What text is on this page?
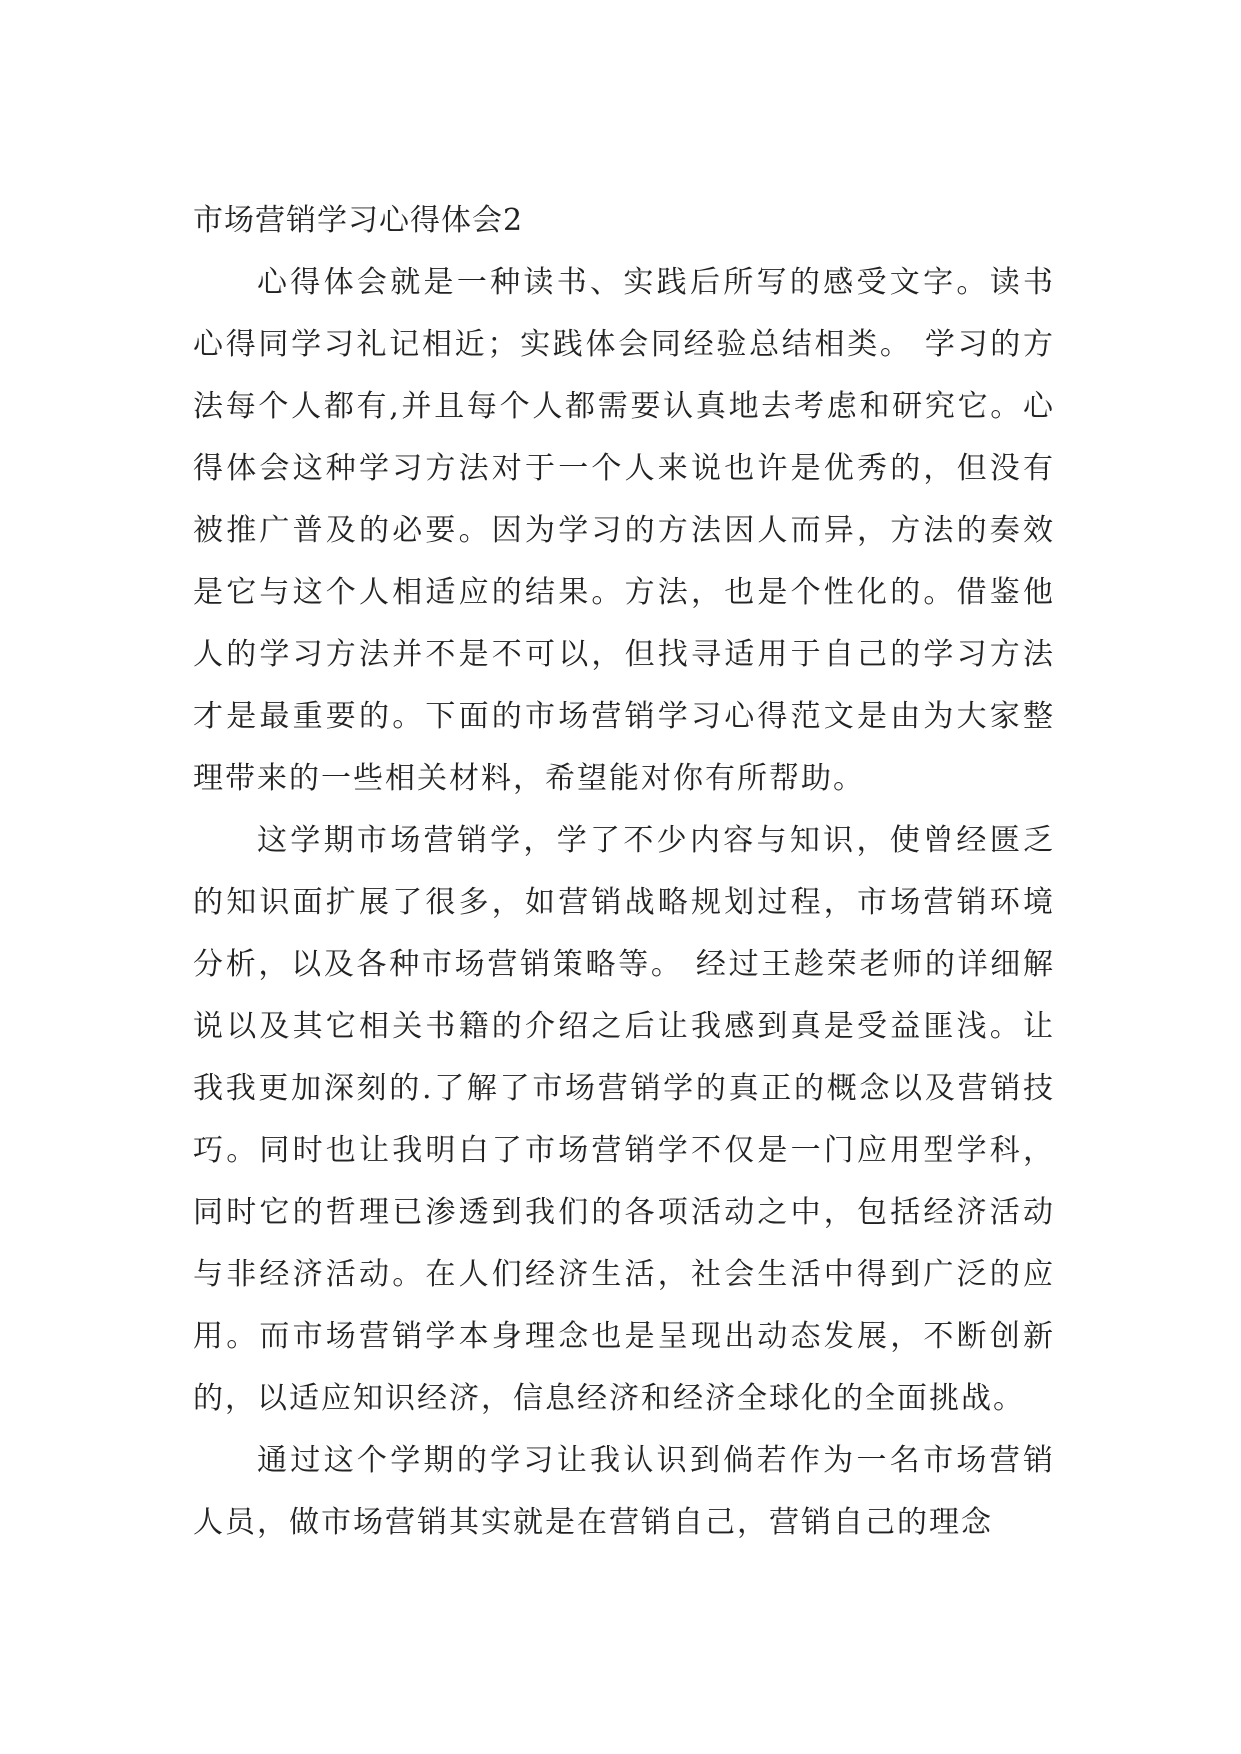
市场营销学习心得体会2

心得体会就是一种读书、实践后所写的感受文字。读书心得同学习礼记相近；实践体会同经验总结相类。 学习的方法每个人都有,并且每个人都需要认真地去考虑和研究它。心得体会这种学习方法对于一个人来说也许是优秀的，但没有被推广普及的必要。因为学习的方法因人而异，方法的奏效是它与这个人相适应的结果。方法，也是个性化的。借鉴他人的学习方法并不是不可以，但找寻适用于自己的学习方法才是最重要的。下面的市场营销学习心得范文是由为大家整理带来的一些相关材料，希望能对你有所帮助。

这学期市场营销学，学了不少内容与知识，使曾经匮乏的知识面扩展了很多，如营销战略规划过程，市场营销环境分析，以及各种市场营销策略等。 经过王趁荣老师的详细解说以及其它相关书籍的介绍之后让我感到真是受益匪浅。让我我更加深刻的.了解了市场营销学的真正的概念以及营销技巧。同时也让我明白了市场营销学不仅是一门应用型学科，同时它的哲理已渗透到我们的各项活动之中，包括经济活动与非经济活动。在人们经济生活，社会生活中得到广泛的应用。而市场营销学本身理念也是呈现出动态发展，不断创新的，以适应知识经济，信息经济和经济全球化的全面挑战。

通过这个学期的学习让我认识到倘若作为一名市场营销人员，做市场营销其实就是在营销自己，营销自己的理念
